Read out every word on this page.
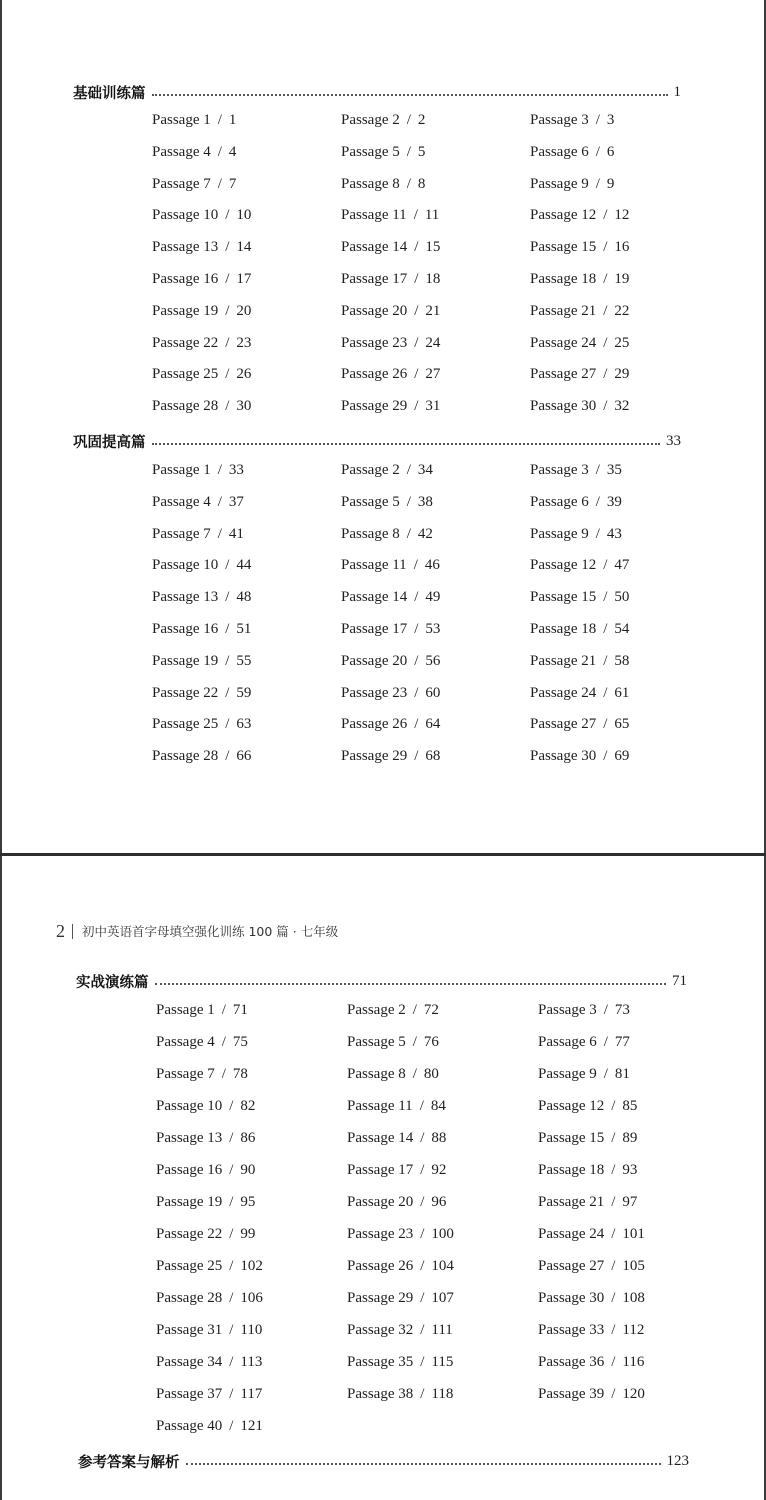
2 初中英语首字母填空强化训练 100 篇 · 七年级
基础训练篇	1
Passage 1 / 1	Passage 2 / 2	Passage 3 / 3
Passage 4 / 4	Passage 5 / 5	Passage 6 / 6
Passage 7 / 7	Passage 8 / 8	Passage 9 / 9
Passage 10 / 10	Passage 11 / 11	Passage 12 / 12
Passage 13 / 14	Passage 14 / 15	Passage 15 / 16
Passage 16 / 17	Passage 17 / 18	Passage 18 / 19
Passage 19 / 20	Passage 20 / 21	Passage 21 / 22
Passage 22 / 23	Passage 23 / 24	Passage 24 / 25
Passage 25 / 26	Passage 26 / 27	Passage 27 / 29
Passage 28 / 30	Passage 29 / 31	Passage 30 / 32
巩固提高篇	33
Passage 1 / 33	Passage 2 / 34	Passage 3 / 35
Passage 4 / 37	Passage 5 / 38	Passage 6 / 39
Passage 7 / 41	Passage 8 / 42	Passage 9 / 43
Passage 10 / 44	Passage 11 / 46	Passage 12 / 47
Passage 13 / 48	Passage 14 / 49	Passage 15 / 50
Passage 16 / 51	Passage 17 / 53	Passage 18 / 54
Passage 19 / 55	Passage 20 / 56	Passage 21 / 58
Passage 22 / 59	Passage 23 / 60	Passage 24 / 61
Passage 25 / 63	Passage 26 / 64	Passage 27 / 65
Passage 28 / 66	Passage 29 / 68	Passage 30 / 69
实战演练篇	71
Passage 1 / 71	Passage 2 / 72	Passage 3 / 73
Passage 4 / 75	Passage 5 / 76	Passage 6 / 77
Passage 7 / 78	Passage 8 / 80	Passage 9 / 81
Passage 10 / 82	Passage 11 / 84	Passage 12 / 85
Passage 13 / 86	Passage 14 / 88	Passage 15 / 89
Passage 16 / 90	Passage 17 / 92	Passage 18 / 93
Passage 19 / 95	Passage 20 / 96	Passage 21 / 97
Passage 22 / 99	Passage 23 / 100	Passage 24 / 101
Passage 25 / 102	Passage 26 / 104	Passage 27 / 105
Passage 28 / 106	Passage 29 / 107	Passage 30 / 108
Passage 31 / 110	Passage 32 / 111	Passage 33 / 112
Passage 34 / 113	Passage 35 / 115	Passage 36 / 116
Passage 37 / 117	Passage 38 / 118	Passage 39 / 120
Passage 40 / 121
参考答案与解析	123
